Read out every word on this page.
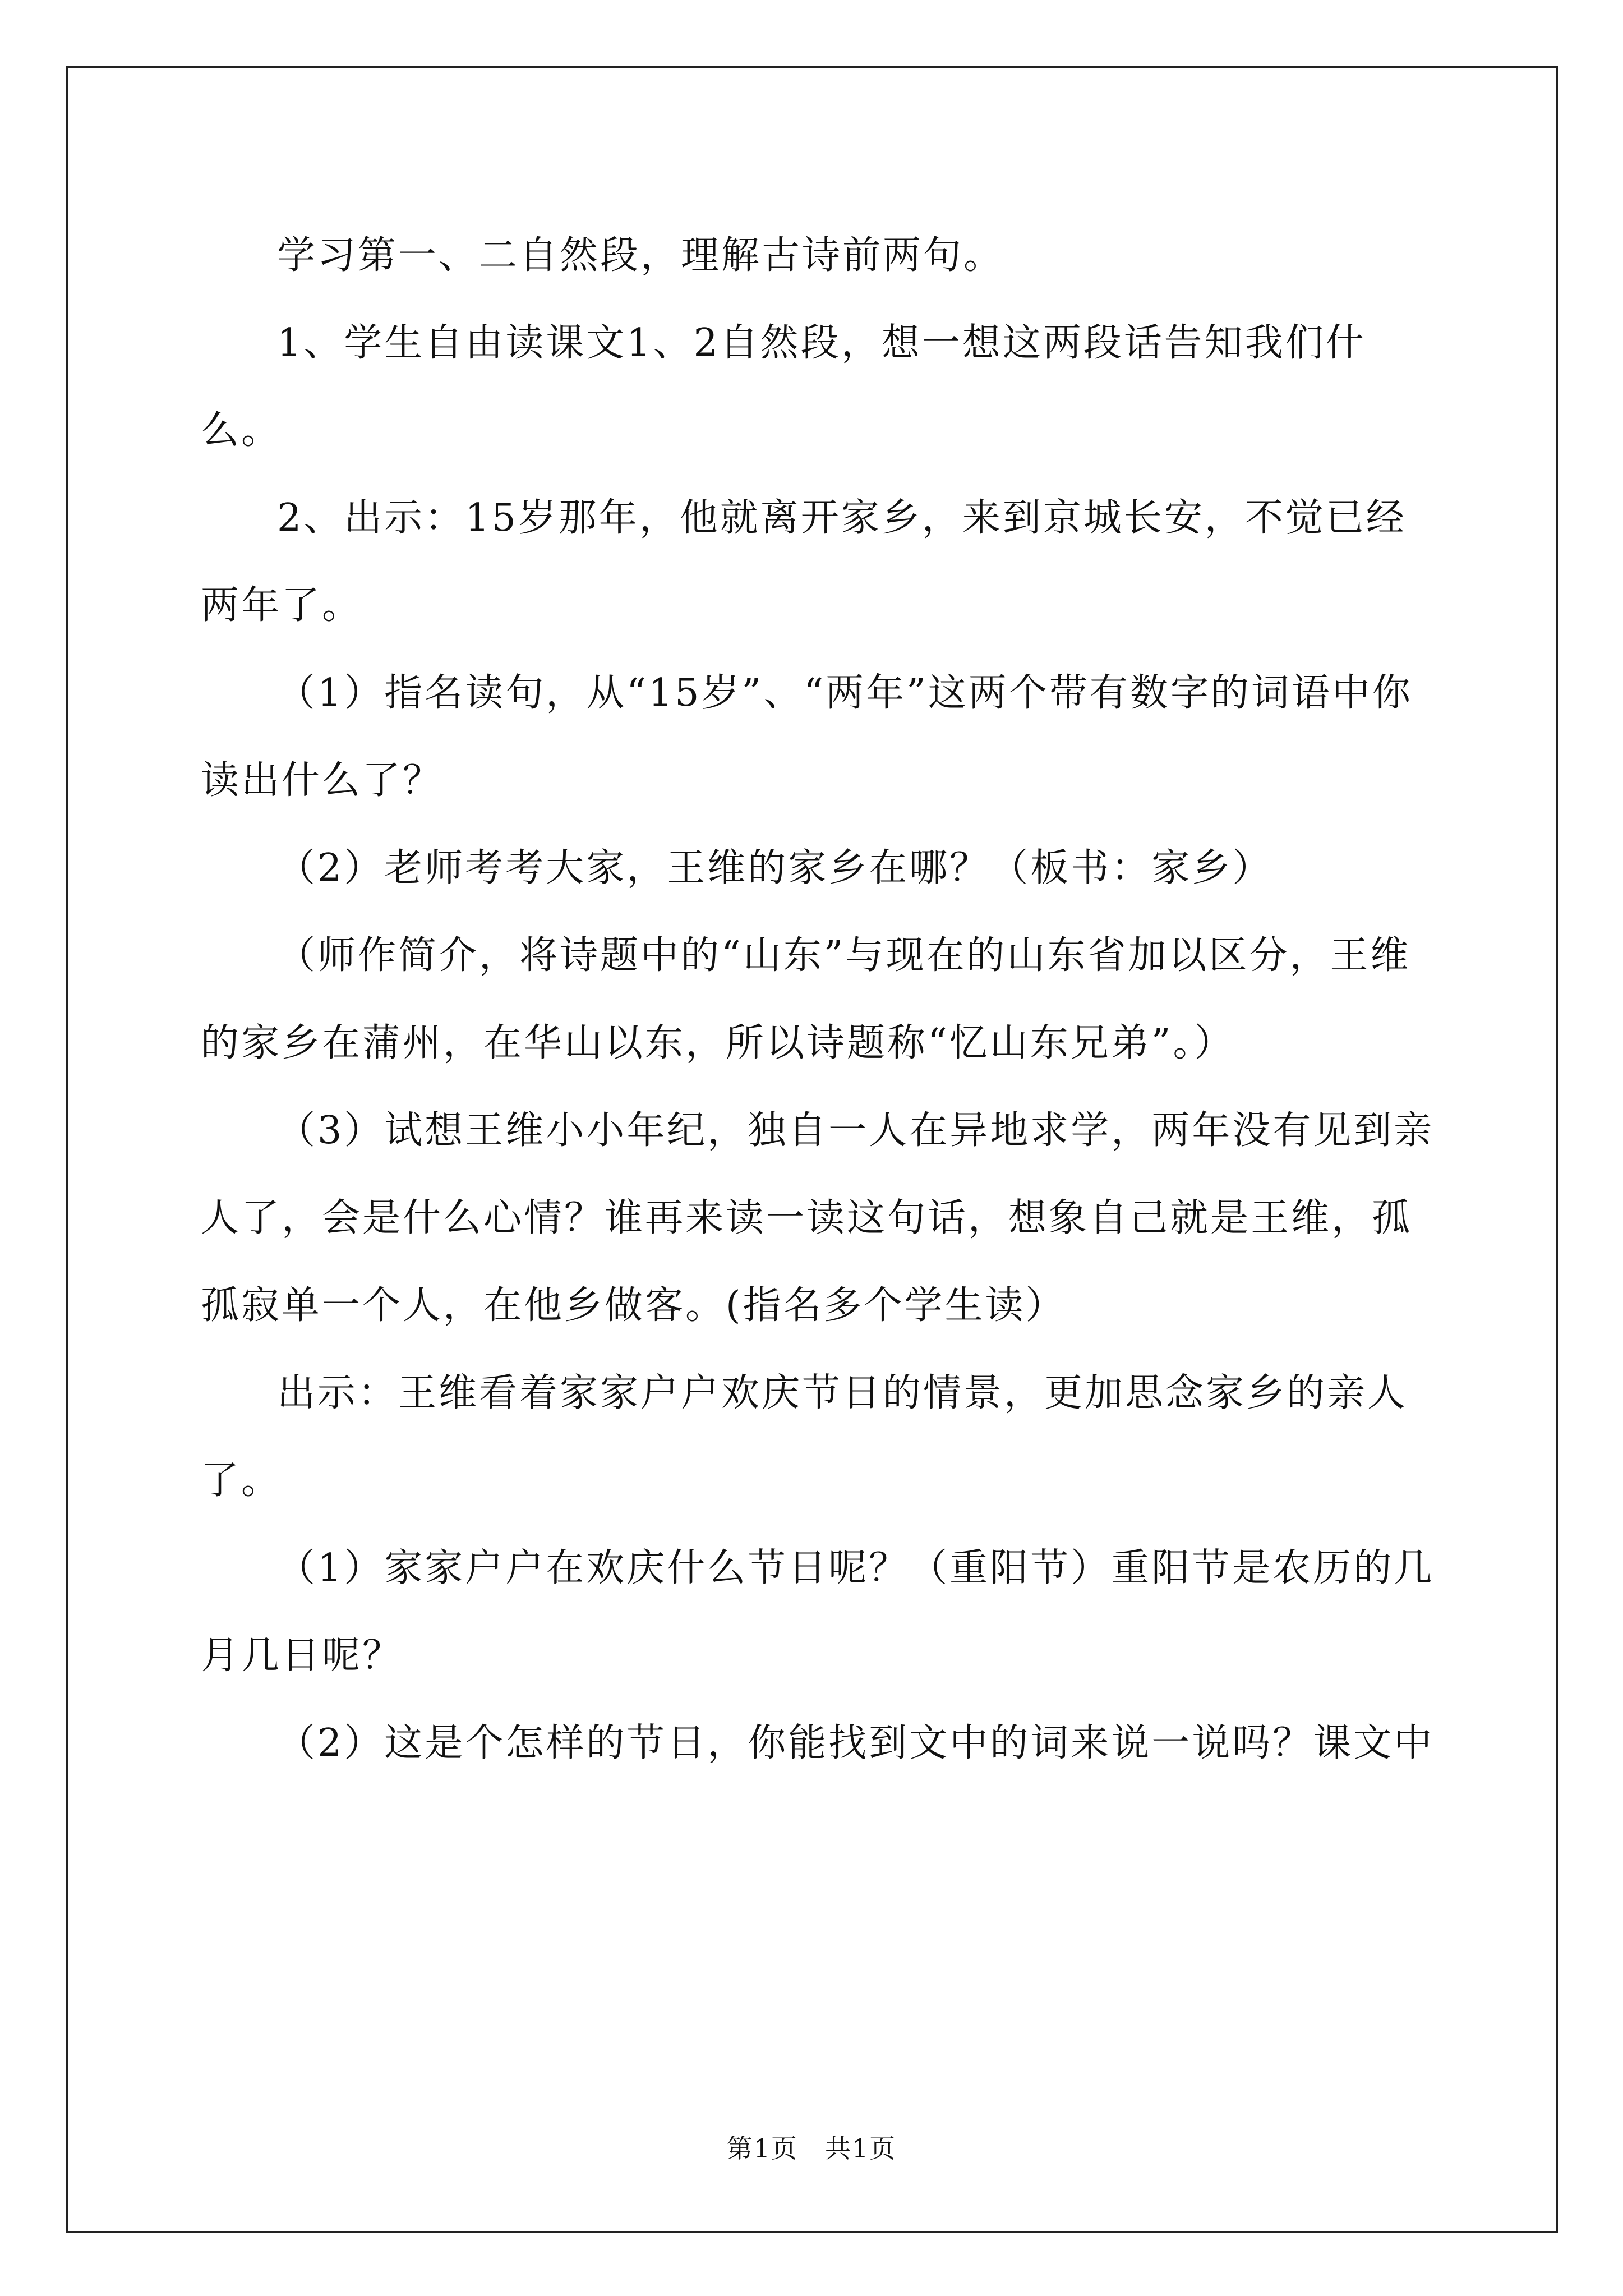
学习第一、二自然段，理解古诗前两句。

1、学生自由读课文1、2自然段，想一想这两段话告知我们什么。

2、出示：15岁那年，他就离开家乡，来到京城长安，不觉已经两年了。

（1）指名读句，从“15岁”、“两年”这两个带有数字的词语中你读出什么了？

（2）老师考考大家，王维的家乡在哪？（板书：家乡）

（师作简介，将诗题中的“山东”与现在的山东省加以区分，王维的家乡在蒲州，在华山以东，所以诗题称“忆山东兄弟”。）

（3）试想王维小小年纪，独自一人在异地求学，两年没有见到亲人了，会是什么心情？谁再来读一读这句话，想象自己就是王维，孤孤寂单一个人，在他乡做客。(指名多个学生读）

出示：王维看着家家户户欢庆节日的情景，更加思念家乡的亲人了。

（1）家家户户在欢庆什么节日呢？（重阳节）重阳节是农历的几月几日呢？

（2）这是个怎样的节日，你能找到文中的词来说一说吗？课文中

第1页　共1页
